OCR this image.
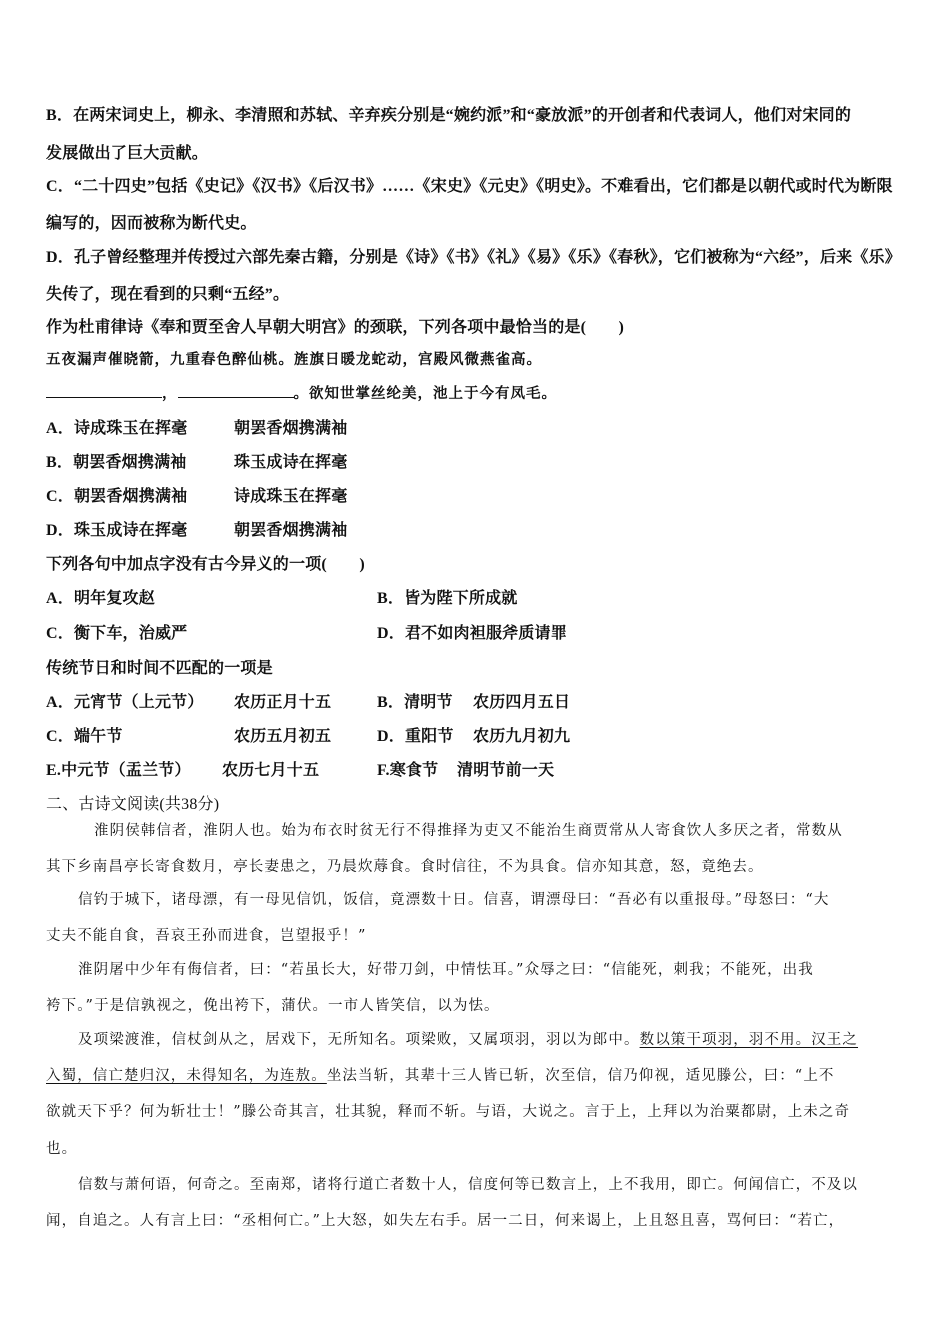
B．在两宋词史上，柳永、李清照和苏轼、辛弃疾分别是“婉约派”和“豪放派”的开创者和代表词人，他们对宋同的
发展做出了巨大贡献。
C．“二十四史”包括《史记》《汉书》《后汉书》……《宋史》《元史》《明史》。不难看出，它们都是以朝代或时代为断限
编写的，因而被称为断代史。
D．孔子曾经整理并传授过六部先秦古籍，分别是《诗》《书》《礼》《易》《乐》《春秋》，它们被称为“六经”，后来《乐》
失传了，现在看到的只剩“五经”。
作为杜甫律诗《奉和贾至舍人早朝大明宫》的颈联，下列各项中最恰当的是(　　)
五夜漏声催晓箭，九重春色醉仙桃。旌旗日暖龙蛇动，宫殿风微燕雀高。
，	。欲知世掌丝纶美，池上于今有凤毛。
A．诗成珠玉在挥毫	朝罢香烟携满袖
B．朝罢香烟携满袖	珠玉成诗在挥毫
C．朝罢香烟携满袖	诗成珠玉在挥毫
D．珠玉成诗在挥毫	朝罢香烟携满袖
下列各句中加点字没有古今异义的一项(　　)
A．明年复攻赵	B．皆为陛下所成就
C．衡下车，治威严	D．君不如肉袒服斧质请罪
传统节日和时间不匹配的一项是
A．元宵节（上元节） 农历正月十五	B．清明节 农历四月五日
C．端午节	农历五月初五	D．重阳节 农历九月初九
E.中元节（盂兰节） 农历七月十五	F.寒食节 清明节前一天
二、古诗文阅读(共38分)
淮阴侯韩信者，淮阴人也。始为布衣时贫无行不得推择为吏又不能治生商贾常从人寄食饮人多厌之者，常数从
其下乡南昌亭长寄食数月，亭长妻患之，乃晨炊蓐食。食时信往，不为具食。信亦知其意，怒，竟绝去。
信钓于城下，诸母漂，有一母见信饥，饭信，竟漂数十日。信喜，谓漂母曰：“吾必有以重报母。”母怒曰：“大
丈夫不能自食，吾哀王孙而进食，岂望报乎！”
淮阴屠中少年有侮信者，曰：“若虽长大，好带刀剑，中情怯耳。”众辱之曰：“信能死，刺我；不能死，出我
袴下。”于是信孰视之，俛出袴下，蒲伏。一市人皆笑信，以为怯。
及项梁渡淮，信杖剑从之，居戏下，无所知名。项梁败，又属项羽，羽以为郎中。数以策干项羽，羽不用。汉王之
入蜀，信亡楚归汉，未得知名，为连敖。坐法当斩，其辈十三人皆已斩，次至信，信乃仰视，适见滕公，曰：“上不
欲就天下乎？何为斩壮士！”滕公奇其言，壮其貌，释而不斩。与语，大说之。言于上，上拜以为治粟都尉，上未之奇
也。
信数与萧何语，何奇之。至南郑，诸将行道亡者数十人，信度何等已数言上，上不我用，即亡。何闻信亡，不及以
闻，自追之。人有言上曰：“丞相何亡。”上大怒，如失左右手。居一二日，何来谒上，上且怒且喜，骂何曰：“若亡，
